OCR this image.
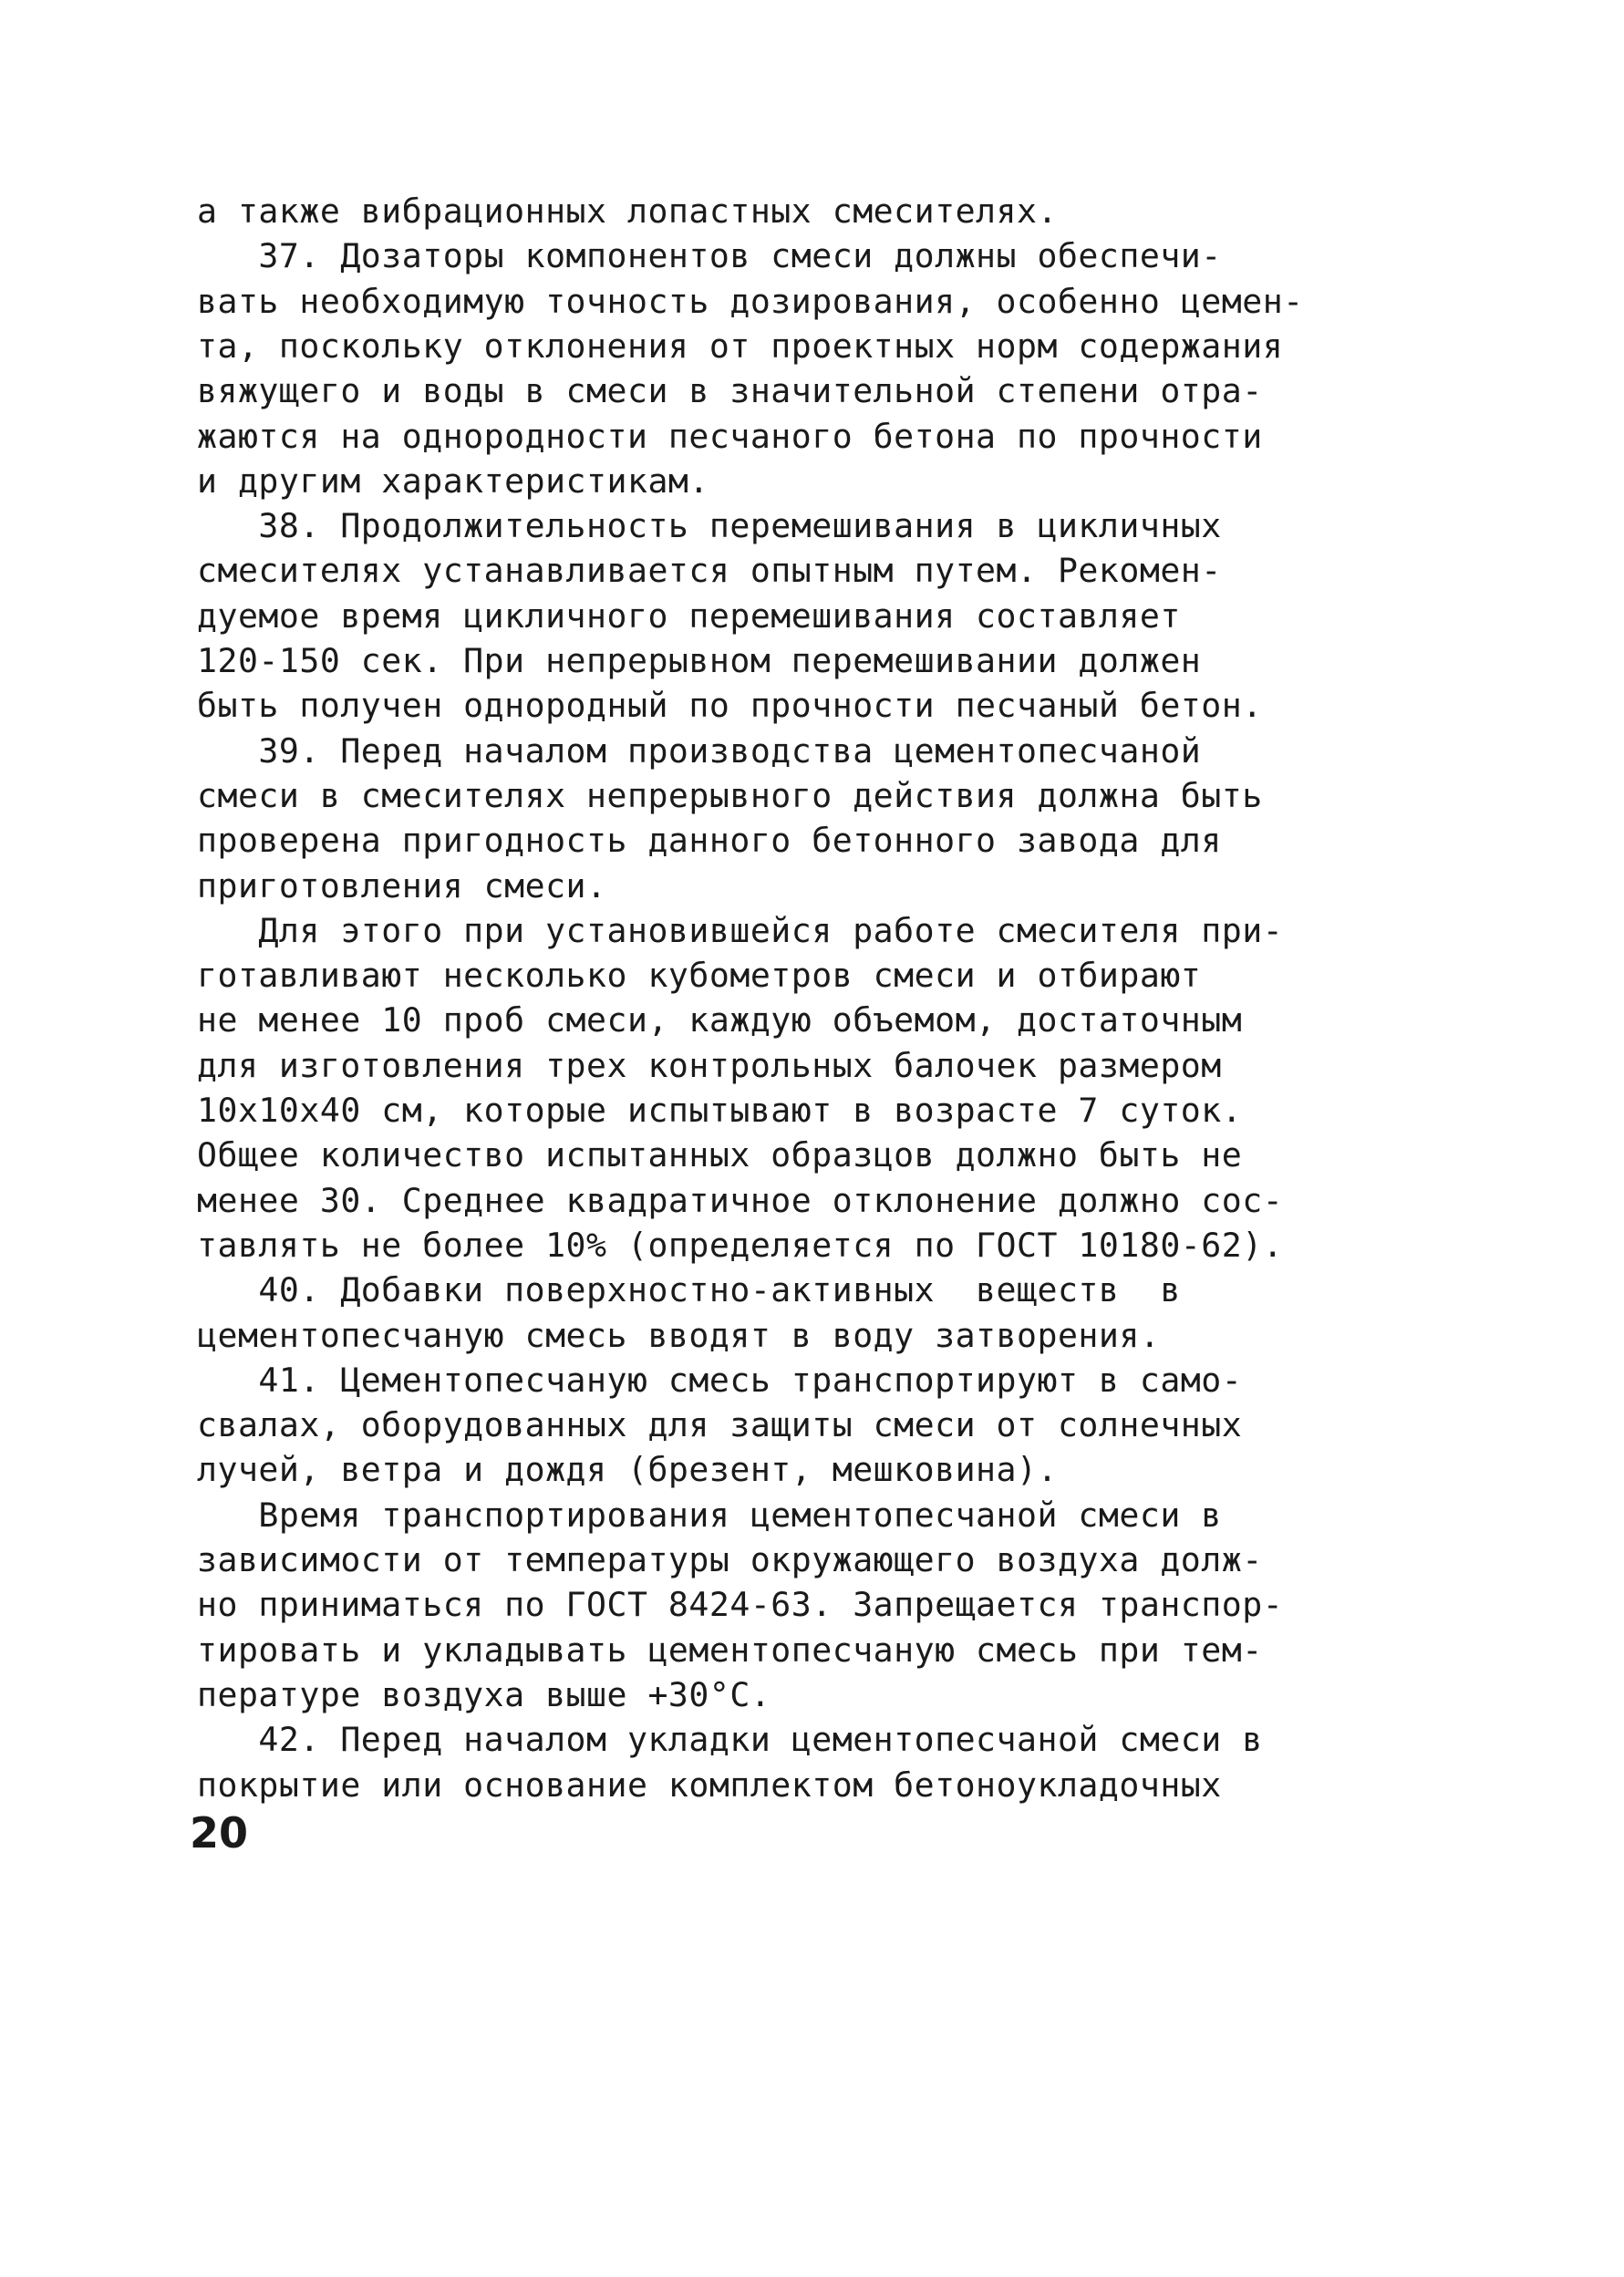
а также вибрационных лопастных смесителях.
37. Дозаторы компонентов смеси должны обеспечи-
вать необходимую точность дозирования, особенно цемен-
та, поскольку отклонения от проектных норм содержания
вяжущего и воды в смеси в значительной степени отра-
жаются на однородности песчаного бетона по прочности
и другим характеристикам.
38. Продолжительность перемешивания в цикличных
смесителях устанавливается опытным путем. Рекомен-
дуемое время цикличного перемешивания составляет
120-150 сек. При непрерывном перемешивании должен
быть получен однородный по прочности песчаный бетон.
39. Перед началом производства цементопесчаной
смеси в смесителях непрерывного действия должна быть
проверена пригодность данного бетонного завода для
приготовления смеси.
Для этого при установившейся работе смесителя при-
готавливают несколько кубометров смеси и отбирают
не менее 10 проб смеси, каждую объемом, достаточным
для изготовления трех контрольных балочек размером
10х10х40 см, которые испытывают в возрасте 7 суток.
Общее количество испытанных образцов должно быть не
менее 30. Среднее квадратичное отклонение должно сос-
тавлять не более 10% (определяется по ГОСТ 10180-62).
40. Добавки поверхностно-активных  веществ  в
цементопесчаную смесь вводят в воду затворения.
41. Цементопесчаную смесь транспортируют в само-
свалах, оборудованных для защиты смеси от солнечных
лучей, ветра и дождя (брезент, мешковина).
Время транспортирования цементопесчаной смеси в
зависимости от температуры окружающего воздуха долж-
но приниматься по ГОСТ 8424-63. Запрещается транспор-
тировать и укладывать цементопесчаную смесь при тем-
пературе воздуха выше +30°С.
42. Перед началом укладки цементопесчаной смеси в
покрытие или основание комплектом бетоноукладочных
20
